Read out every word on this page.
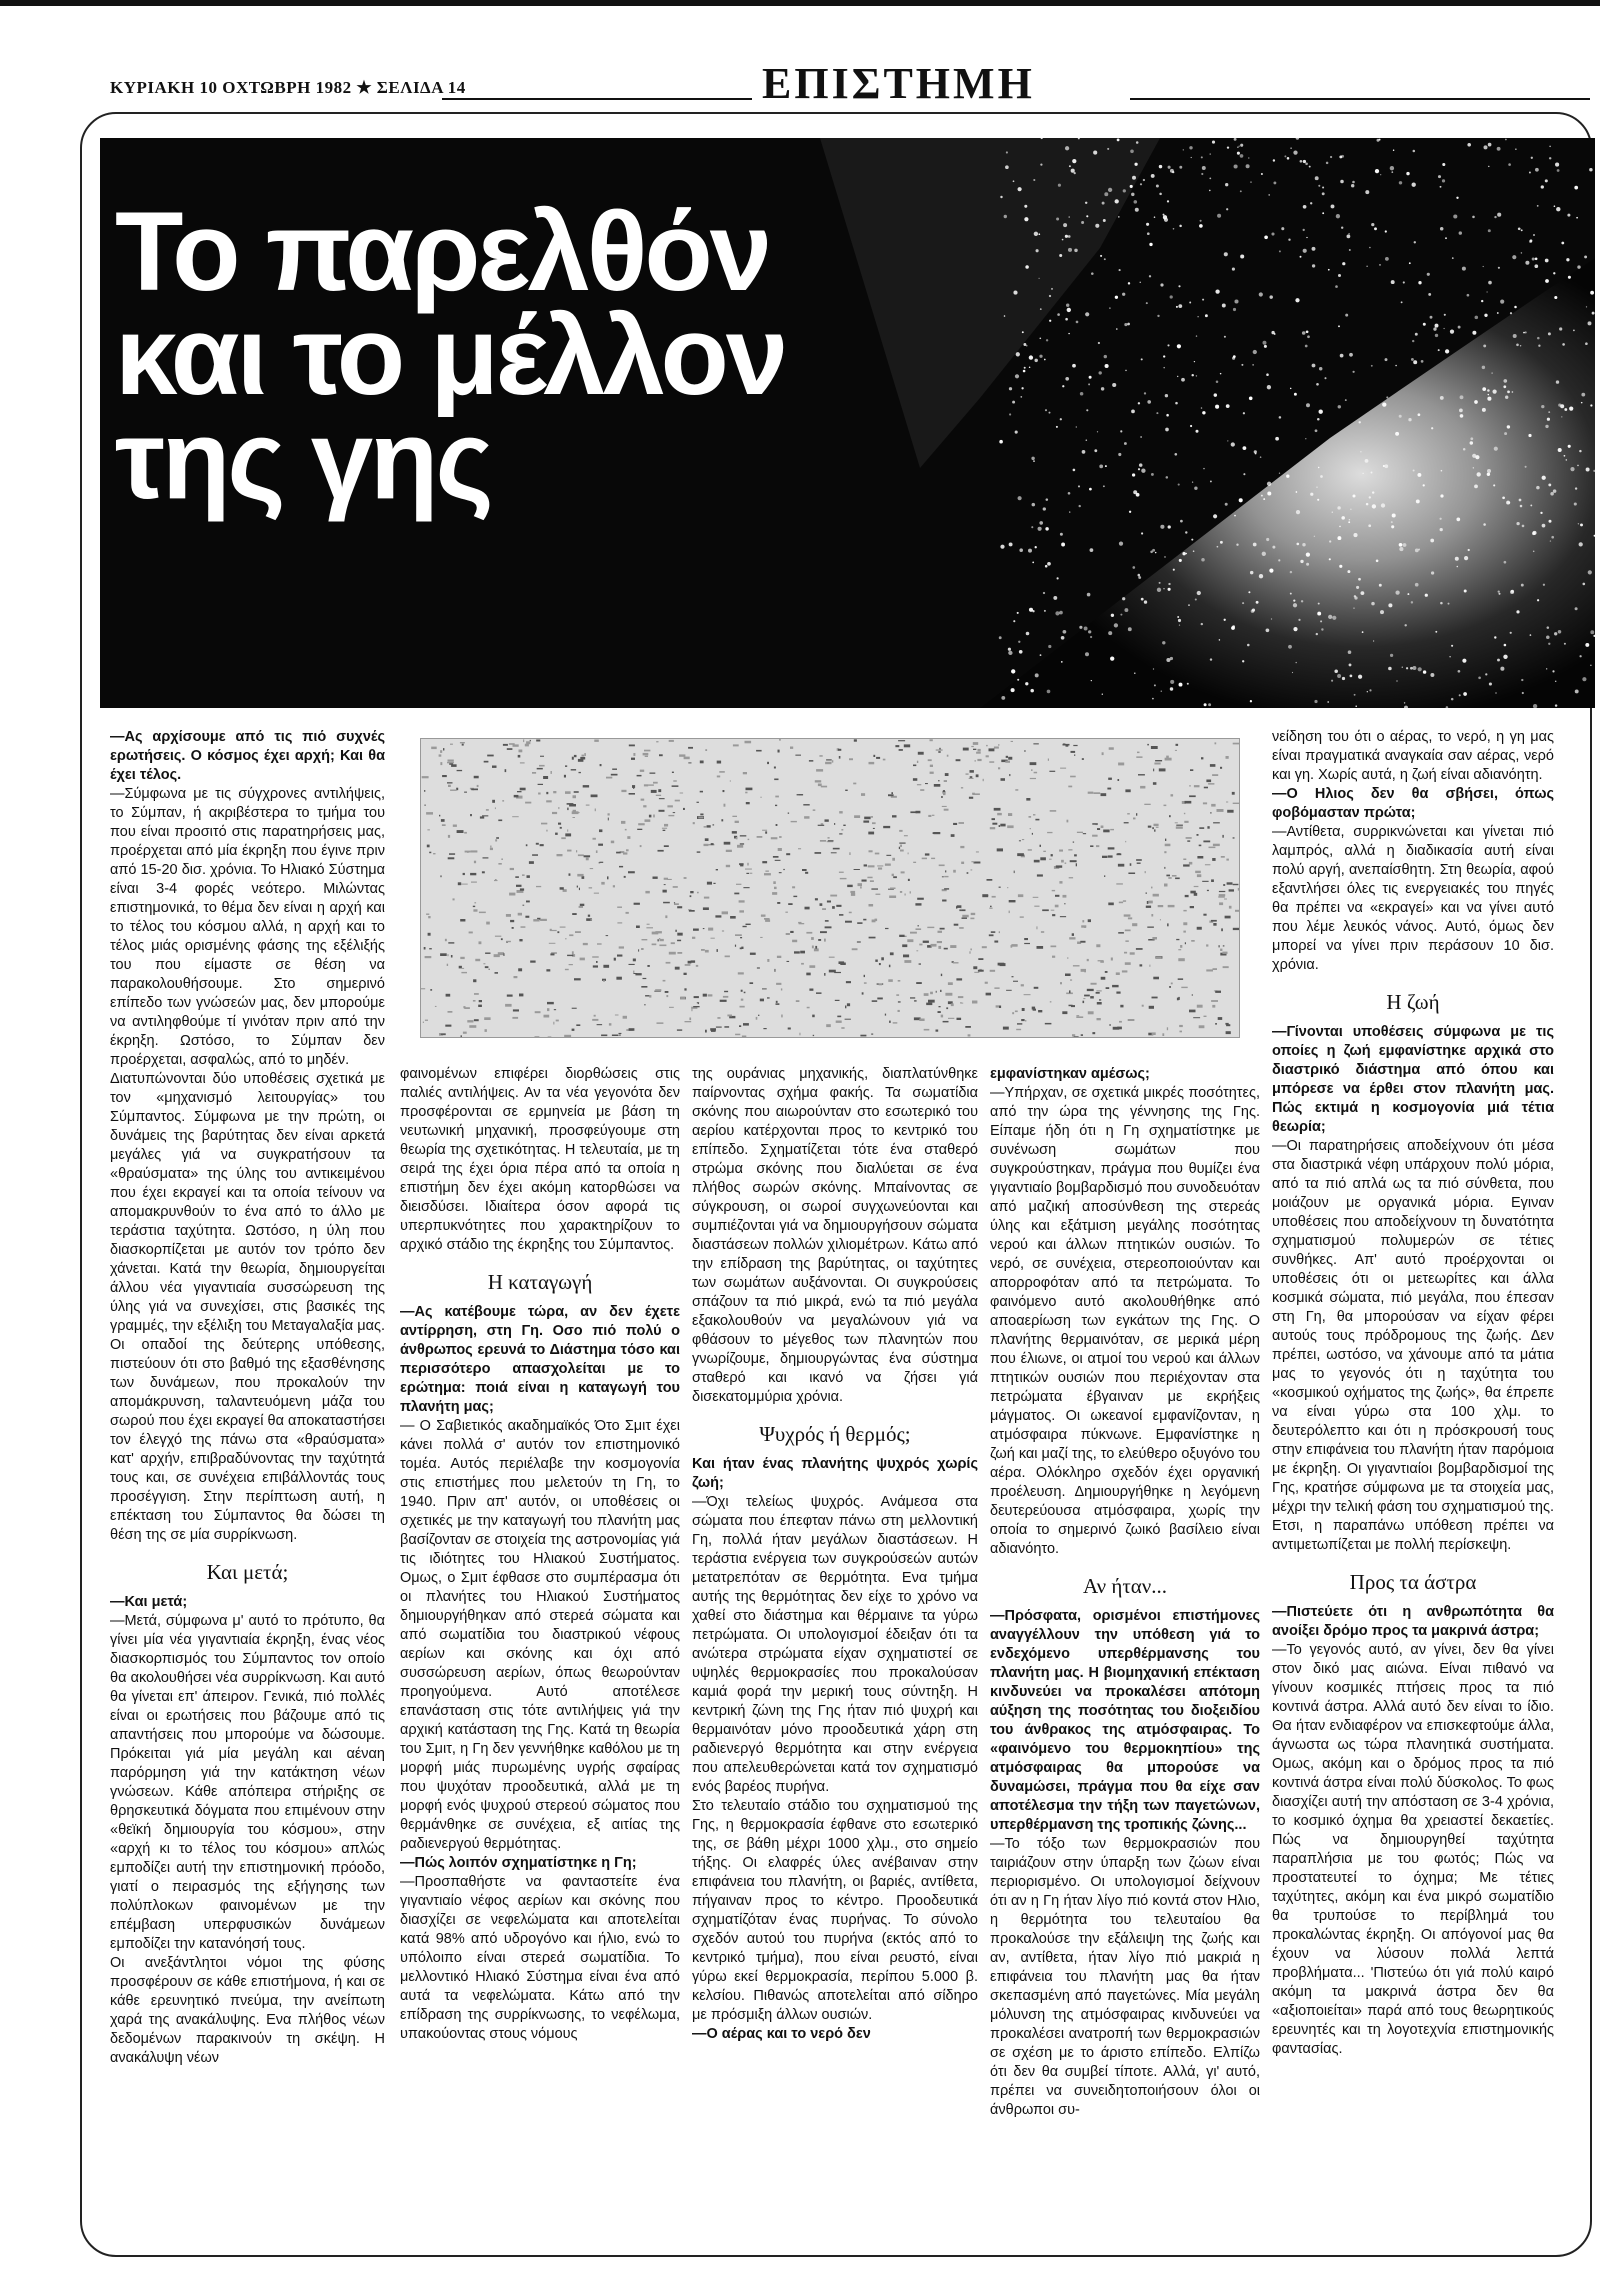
ΚΥΡΙΑΚΗ 10 ΟΧΤΩΒΡΗ 1982 ★ ΣΕΛΙΔΑ 14	ΕΠΙΣΤΗΜΗ
Το παρελθόν
και το μέλλον
της γης

—Ας αρχίσουμε από τις πιό συχνές ερωτήσεις. Ο κόσμος έχει αρχή; Και θα έχει τέλος.

—Σύμφωνα με τις σύγχρονες αντιλήψεις, το Σύμπαν, ή ακριβέστερα το τμήμα του που είναι προσιτό στις παρατηρήσεις μας, προέρχεται από μία έκρηξη που έγινε πριν από 15-20 δισ. χρόνια. Το Ηλιακό Σύστημα είναι 3-4 φορές νεότερο. Μιλώντας επιστημονικά, το θέμα δεν είναι η αρχή και το τέλος του κόσμου αλλά, η αρχή και το τέλος μιάς ορισμένης φάσης της εξέλιξής του που είμαστε σε θέση να παρακολουθήσουμε. Στο σημερινό επίπεδο των γνώσεών μας, δεν μπορούμε να αντιληφθούμε τί γινόταν πριν από την έκρηξη. Ωστόσο, το Σύμπαν δεν προέρχεται, ασφαλώς, από το μηδέν.

Διατυπώνονται δύο υποθέσεις σχετικά με τον «μηχανισμό λειτουργίας» του Σύμπαντος. Σύμφωνα με την πρώτη, οι δυνάμεις της βαρύτητας δεν είναι αρκετά μεγάλες γιά να συγκρατήσουν τα «θραύσματα» της ύλης του αντικειμένου που έχει εκραγεί και τα οποία τείνουν να απομακρυνθούν το ένα από το άλλο με τεράστια ταχύτητα. Ωστόσο, η ύλη που διασκορπίζεται με αυτόν τον τρόπο δεν χάνεται. Κατά την θεωρία, δημιουργείται άλλου νέα γιγαντιαία συσσώρευση της ύλης γιά να συνεχίσει, στις βασικές της γραμμές, την εξέλιξη του Μεταγαλαξία μας. Οι οπαδοί της δεύτερης υπόθεσης, πιστεύουν ότι στο βαθμό της εξασθένησης των δυνάμεων, που προκαλούν την απομάκρυνση, ταλαντευόμενη μάζα του σωρού που έχει εκραγεί θα αποκαταστήσει τον έλεγχό της πάνω στα «θραύσματα» κατ' αρχήν, επιβραδύνοντας την ταχύτητά τους και, σε συνέχεια επιβάλλοντάς τους προσέγγιση. Στην περίπτωση αυτή, η επέκταση του Σύμπαντος θα δώσει τη θέση της σε μία συρρίκνωση.

Και μετά;

—Και μετά;

—Μετά, σύμφωνα μ' αυτό το πρότυπο, θα γίνει μία νέα γιγαντιαία έκρηξη, ένας νέος διασκορπισμός του Σύμπαντος τον οποίο θα ακολουθήσει νέα συρρίκνωση. Και αυτό θα γίνεται επ' άπειρον. Γενικά, πιό πολλές είναι οι ερωτήσεις που βάζουμε από τις απαντήσεις που μπορούμε να δώσουμε. Πρόκειται γιά μία μεγάλη και αέναη παρόρμηση γιά την κατάκτηση νέων γνώσεων. Κάθε απόπειρα στήριξης σε θρησκευτικά δόγματα που επιμένουν στην «θεϊκή δημιουργία του κόσμου», στην «αρχή κι το τέλος του κόσμου» απλώς εμποδίζει αυτή την επιστημονική πρόοδο, γιατί ο πειρασμός της εξήγησης των πολύπλοκων φαινομένων με την επέμβαση υπερφυσικών δυνάμεων εμποδίζει την κατανόησή τους.

Οι ανεξάντλητοι νόμοι της φύσης προσφέρουν σε κάθε επιστήμονα, ή και σε κάθε ερευνητικό πνεύμα, την ανείπωτη χαρά της ανακάλυψης. Ενα πλήθος νέων δεδομένων παρακινούν τη σκέψη. Η ανακάλυψη νέων

φαινομένων επιφέρει διορθώσεις στις παλιές αντιλήψεις. Αν τα νέα γεγονότα δεν προσφέρονται σε ερμηνεία με βάση τη νευτωνική μηχανική, προσφεύγουμε στη θεωρία της σχετικότητας. Η τελευταία, με τη σειρά της έχει όρια πέρα από τα οποία η επιστήμη δεν έχει ακόμη κατορθώσει να διεισδύσει. Ιδιαίτερα όσον αφορά τις υπερπυκνότητες που χαρακτηρίζουν το αρχικό στάδιο της έκρηξης του Σύμπαντος.

Η καταγωγή

—Ας κατέβουμε τώρα, αν δεν έχετε αντίρρηση, στη Γη. Οσο πιό πολύ ο άνθρωπος ερευνά το Διάστημα τόσο και περισσότερο απασχολείται με το ερώτημα: ποιά είναι η καταγωγή του πλανήτη μας;

— Ο Σαβιετικός ακαδημαϊκός Ότο Σμιτ έχει κάνει πολλά σ' αυτόν τον επιστημονικό τομέα. Αυτός περιέλαβε την κοσμογονία στις επιστήμες που μελετούν τη Γη, το 1940. Πριν απ' αυτόν, οι υποθέσεις οι σχετικές με την καταγωγή του πλανήτη μας βασίζονταν σε στοιχεία της αστρονομίας γιά τις ιδιότητες του Ηλιακού Συστήματος. Ομως, ο Σμιτ έφθασε στο συμπέρασμα ότι οι πλανήτες του Ηλιακού Συστήματος δημιουργήθηκαν από στερεά σώματα και από σωματίδια του διαστρικού νέφους αερίων και σκόνης και όχι από συσσώρευση αερίων, όπως θεωρούνταν προηγούμενα. Αυτό αποτέλεσε επανάσταση στις τότε αντιλήψεις γιά την αρχική κατάσταση της Γης. Κατά τη θεωρία του Σμιτ, η Γη δεν γεννήθηκε καθόλου με τη μορφή μιάς πυρωμένης υγρής σφαίρας που ψυχόταν προοδευτικά, αλλά με τη μορφή ενός ψυχρού στερεού σώματος που θερμάνθηκε σε συνέχεια, εξ αιτίας της ραδιενεργού θερμότητας.

—Πώς λοιπόν σχηματίστηκε η Γη;

—Προσπαθήστε να φανταστείτε ένα γιγαντιαίο νέφος αερίων και σκόνης που διασχίζει σε νεφελώματα και αποτελείται κατά 98% από υδρογόνο και ήλιο, ενώ το υπόλοιπο είναι στερεά σωματίδια. Το μελλοντικό Ηλιακό Σύστημα είναι ένα από αυτά τα νεφελώματα. Κάτω από την επίδραση της συρρίκνωσης, το νεφέλωμα, υπακούοντας στους νόμους

της ουράνιας μηχανικής, διαπλατύνθηκε παίρνοντας σχήμα φακής. Τα σωματίδια σκόνης που αιωρούνταν στο εσωτερικό του αερίου κατέρχονται προς το κεντρικό του επίπεδο. Σχηματίζεται τότε ένα σταθερό στρώμα σκόνης που διαλύεται σε ένα πλήθος σωρών σκόνης. Μπαίνοντας σε σύγκρουση, οι σωροί συγχωνεύονται και συμπιέζονται γιά να δημιουργήσουν σώματα διαστάσεων πολλών χιλιομέτρων. Κάτω από την επίδραση της βαρύτητας, οι ταχύτητες των σωμάτων αυξάνονται. Οι συγκρούσεις σπάζουν τα πιό μικρά, ενώ τα πιό μεγάλα εξακολουθούν να μεγαλώνουν γιά να φθάσουν το μέγεθος των πλανητών που γνωρίζουμε, δημιουργώντας ένα σύστημα σταθερό και ικανό να ζήσει γιά δισεκατομμύρια χρόνια.

Ψυχρός ή θερμός;

Και ήταν ένας πλανήτης ψυχρός χωρίς ζωή;

—Όχι τελείως ψυχρός. Ανάμεσα στα σώματα που έπεφταν πάνω στη μελλοντική Γη, πολλά ήταν μεγάλων διαστάσεων. Η τεράστια ενέργεια των συγκρούσεών αυτών μετατρεπόταν σε θερμότητα. Ενα τμήμα αυτής της θερμότητας δεν είχε το χρόνο να χαθεί στο διάστημα και θέρμαινε τα γύρω πετρώματα. Οι υπολογισμοί έδειξαν ότι τα ανώτερα στρώματα είχαν σχηματιστεί σε υψηλές θερμοκρασίες που προκαλούσαν καμιά φορά την μερική τους σύντηξη. Η κεντρική ζώνη της Γης ήταν πιό ψυχρή και θερμαινόταν μόνο προοδευτικά χάρη στη ραδιενεργό θερμότητα και στην ενέργεια που απελευθερώνεται κατά τον σχηματισμό ενός βαρέος πυρήνα.

Στο τελευταίο στάδιο του σχηματισμού της Γης, η θερμοκρασία έφθανε στο εσωτερικό της, σε βάθη μέχρι 1000 χλμ., στο σημείο τήξης. Οι ελαφρές ύλες ανέβαιναν στην επιφάνεια του πλανήτη, οι βαριές, αντίθετα, πήγαιναν προς το κέντρο. Προοδευτικά σχηματίζόταν ένας πυρήνας. Το σύνολο σχεδόν αυτού του πυρήνα (εκτός από το κεντρικό τμήμα), που είναι ρευστό, είναι γύρω εκεί θερμοκρασία, περίπου 5.000 β. κελσίου. Πιθανώς αποτελείται από σίδηρο με πρόσμιξη άλλων ουσιών.

—Ο αέρας και το νερό δεν

εμφανίστηκαν αμέσως;

—Υπήρχαν, σε σχετικά μικρές ποσότητες, από την ώρα της γέννησης της Γης. Είπαμε ήδη ότι η Γη σχηματίστηκε με συνένωση σωμάτων που συγκρούστηκαν, πράγμα που θυμίζει ένα γιγαντιαίο βομβαρδισμό που συνοδευόταν από μαζική αποσύνθεση της στερεάς ύλης και εξάτμιση μεγάλης ποσότητας νερού και άλλων πτητικών ουσιών. Το νερό, σε συνέχεια, στερεοποιούνταν και απορροφόταν από τα πετρώματα. Το φαινόμενο αυτό ακολουθήθηκε από αποαερίωση των εγκάτων της Γης. Ο πλανήτης θερμαινόταν, σε μερικά μέρη που έλιωνε, οι ατμοί του νερού και άλλων πτητικών ουσιών που περιέχονταν στα πετρώματα έβγαιναν με εκρήξεις μάγματος. Οι ωκεανοί εμφανίζονταν, η ατμόσφαιρα πύκνωνε. Εμφανίστηκε η ζωή και μαζί της, το ελεύθερο οξυγόνο του αέρα. Ολόκληρο σχεδόν έχει οργανική προέλευση. Δημιουργήθηκε η λεγόμενη δευτερεύουσα ατμόσφαιρα, χωρίς την οποία το σημερινό ζωικό βασίλειο είναι αδιανόητο.

Αν ήταν...

—Πρόσφατα, ορισμένοι επιστήμονες αναγγέλλουν την υπόθεση γιά το ενδεχόμενο υπερθέρμανσης του πλανήτη μας. Η βιομηχανική επέκταση κινδυνεύει να προκαλέσει απότομη αύξηση της ποσότητας του διοξειδίου του άνθρακος της ατμόσφαιρας. Το «φαινόμενο του θερμοκηπίου» της ατμόσφαιρας θα μπορούσε να δυναμώσει, πράγμα που θα είχε σαν αποτέλεσμα την τήξη των παγετώνων, υπερθέρμανση της τροπικής ζώνης...

—Το τόξο των θερμοκρασιών που ταιριάζουν στην ύπαρξη των ζώων είναι περιορισμένο. Οι υπολογισμοί δείχνουν ότι αν η Γη ήταν λίγο πιό κοντά στον Ηλιο, η θερμότητα του τελευταίου θα προκαλούσε την εξάλειψη της ζωής και αν, αντίθετα, ήταν λίγο πιό μακριά η επιφάνεια του πλανήτη μας θα ήταν σκεπασμένη από παγετώνες. Μία μεγάλη μόλυνση της ατμόσφαιρας κινδυνεύει να προκαλέσει ανατροπή των θερμοκρασιών σε σχέση με το άριστο επίπεδο. Ελπίζω ότι δεν θα συμβεί τίποτε. Αλλά, γι' αυτό, πρέπει να συνειδητοποιήσουν όλοι οι άνθρωποι συ-

νείδηση του ότι ο αέρας, το νερό, η γη μας είναι πραγματικά αναγκαία σαν αέρας, νερό και γη. Χωρίς αυτά, η ζωή είναι αδιανόητη.

—Ο Ηλιος δεν θα σβήσει, όπως φοβόμασταν πρώτα;

—Αντίθετα, συρρικνώνεται και γίνεται πιό λαμπρός, αλλά η διαδικασία αυτή είναι πολύ αργή, ανεπαίσθητη. Στη θεωρία, αφού εξαντλήσει όλες τις ενεργειακές του πηγές θα πρέπει να «εκραγεί» και να γίνει αυτό που λέμε λευκός νάνος. Αυτό, όμως δεν μπορεί να γίνει πριν περάσουν 10 δισ. χρόνια.

Η ζωή

—Γίνονται υποθέσεις σύμφωνα με τις οποίες η ζωή εμφανίστηκε αρχικά στο διαστρικό διάστημα από όπου και μπόρεσε να έρθει στον πλανήτη μας. Πώς εκτιμά η κοσμογονία μιά τέτια θεωρία;

—Οι παρατηρήσεις αποδείχνουν ότι μέσα στα διαστρικά νέφη υπάρχουν πολύ μόρια, από τα πιό απλά ως τα πιό σύνθετα, που μοιάζουν με οργανικά μόρια. Εγιναν υποθέσεις που αποδείχνουν τη δυνατότητα σχηματισμού πολυμερών σε τέτιες συνθήκες. Απ' αυτό προέρχονται οι υποθέσεις ότι οι μετεωρίτες και άλλα κοσμικά σώματα, πιό μεγάλα, που έπεσαν στη Γη, θα μπορούσαν να είχαν φέρει αυτούς τους πρόδρομους της ζωής. Δεν πρέπει, ωστόσο, να χάνουμε από τα μάτια μας το γεγονός ότι η ταχύτητα του «κοσμικού οχήματος της ζωής», θα έπρεπε να είναι γύρω στα 100 χλμ. το δευτερόλεπτο και ότι η πρόσκρουσή τους στην επιφάνεια του πλανήτη ήταν παρόμοια με έκρηξη. Οι γιγαντιαίοι βομβαρδισμοί της Γης, κρατήσε σύμφωνα με τα στοιχεία μας, μέχρι την τελική φάση του σχηματισμού της. Ετσι, η παραπάνω υπόθεση πρέπει να αντιμετωπίζεται με πολλή περίσκεψη.

Προς τα άστρα

—Πιστεύετε ότι η ανθρωπότητα θα ανοίξει δρόμο προς τα μακρινά άστρα;

—Το γεγονός αυτό, αν γίνει, δεν θα γίνει στον δικό μας αιώνα. Είναι πιθανό να γίνουν κοσμικές πτήσεις προς τα πιό κοντινά άστρα. Αλλά αυτό δεν είναι το ίδιο. Θα ήταν ενδιαφέρον να επισκεφτούμε άλλα, άγνωστα ως τώρα πλανητικά συστήματα. Ομως, ακόμη και ο δρόμος προς τα πιό κοντινά άστρα είναι πολύ δύσκολος. Το φως διασχίζει αυτή την απόσταση σε 3-4 χρόνια, το κοσμικό όχημα θα χρειαστεί δεκαετίες. Πώς να δημιουργηθεί ταχύτητα παραπλήσια με του φωτός; Πώς να προστατευτεί το όχημα; Με τέτιες ταχύτητες, ακόμη και ένα μικρό σωματίδιο θα τρυπούσε το περίβλημά του προκαλώντας έκρηξη. Οι απόγονοί μας θα έχουν να λύσουν πολλά λεπτά προβλήματα... 'Πιστεύω ότι γιά πολύ καιρό ακόμη τα μακρινά άστρα δεν θα «αξιοποιείται» παρά από τους θεωρητικούς ερευνητές και τη λογοτεχνία επιστημονικής φαντασίας.
